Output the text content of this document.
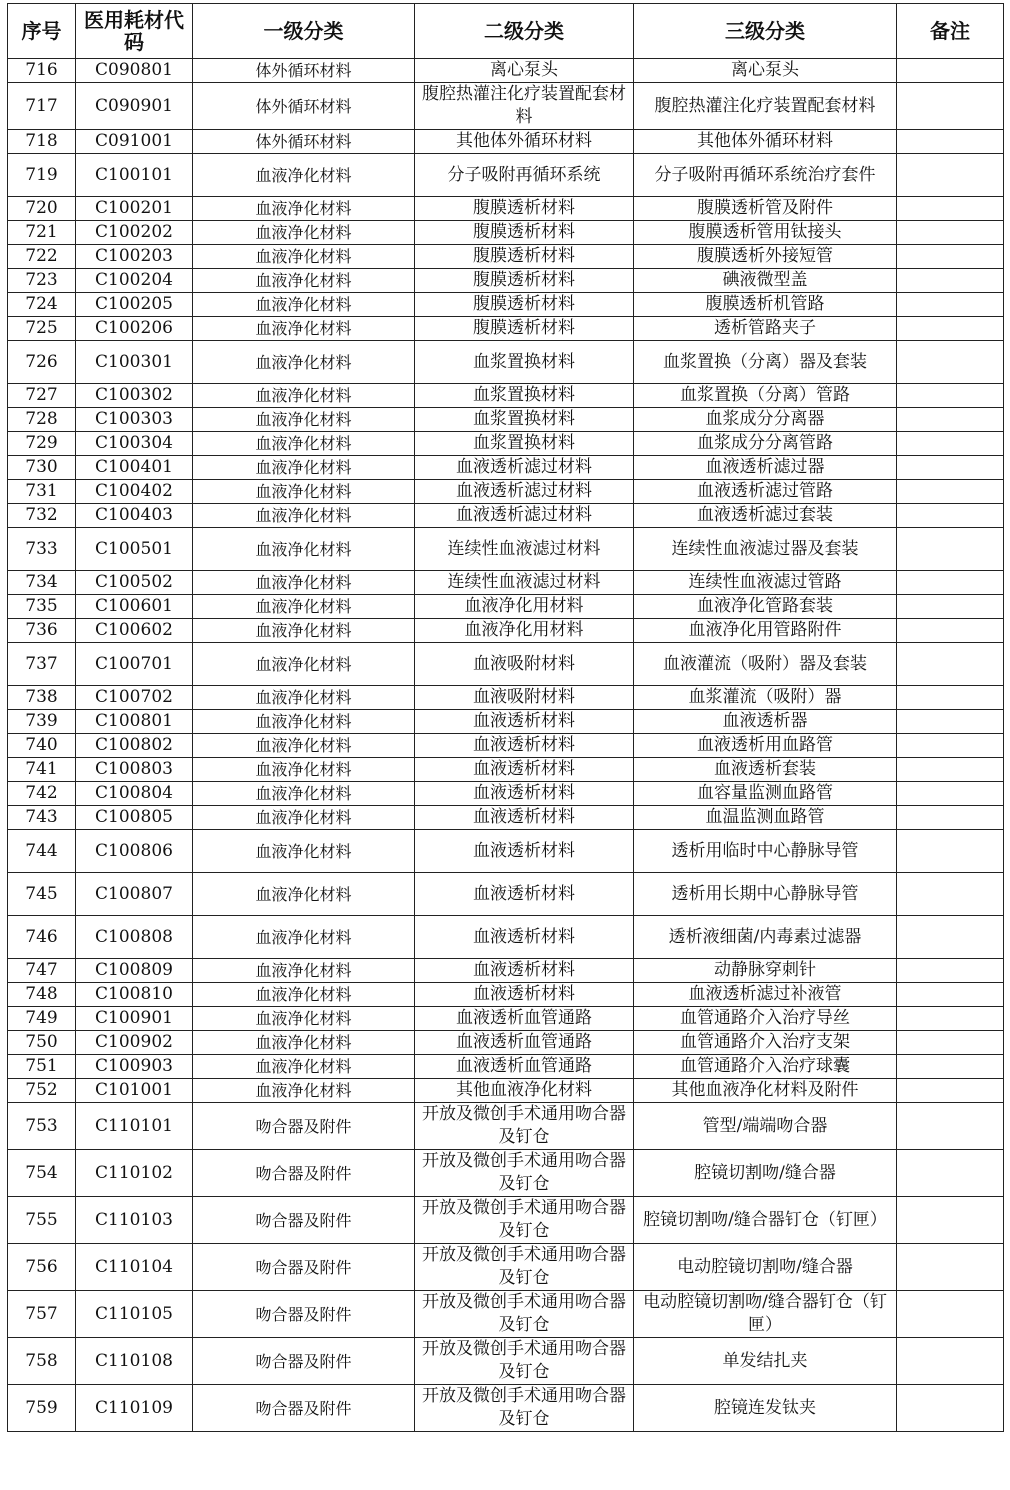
序号	医用耗材代码	一级分类	二级分类	三级分类	备注
716	C090801	体外循环材料	离心泵头	离心泵头	
717	C090901	体外循环材料	腹腔热灌注化疗装置配套材料	腹腔热灌注化疗装置配套材料	
718	C091001	体外循环材料	其他体外循环材料	其他体外循环材料	
719	C100101	血液净化材料	分子吸附再循环系统	分子吸附再循环系统治疗套件	
720	C100201	血液净化材料	腹膜透析材料	腹膜透析管及附件	
721	C100202	血液净化材料	腹膜透析材料	腹膜透析管用钛接头	
722	C100203	血液净化材料	腹膜透析材料	腹膜透析外接短管	
723	C100204	血液净化材料	腹膜透析材料	碘液微型盖	
724	C100205	血液净化材料	腹膜透析材料	腹膜透析机管路	
725	C100206	血液净化材料	腹膜透析材料	透析管路夹子	
726	C100301	血液净化材料	血浆置换材料	血浆置换（分离）器及套装	
727	C100302	血液净化材料	血浆置换材料	血浆置换（分离）管路	
728	C100303	血液净化材料	血浆置换材料	血浆成分分离器	
729	C100304	血液净化材料	血浆置换材料	血浆成分分离管路	
730	C100401	血液净化材料	血液透析滤过材料	血液透析滤过器	
731	C100402	血液净化材料	血液透析滤过材料	血液透析滤过管路	
732	C100403	血液净化材料	血液透析滤过材料	血液透析滤过套装	
733	C100501	血液净化材料	连续性血液滤过材料	连续性血液滤过器及套装	
734	C100502	血液净化材料	连续性血液滤过材料	连续性血液滤过管路	
735	C100601	血液净化材料	血液净化用材料	血液净化管路套装	
736	C100602	血液净化材料	血液净化用材料	血液净化用管路附件	
737	C100701	血液净化材料	血液吸附材料	血液灌流（吸附）器及套装	
738	C100702	血液净化材料	血液吸附材料	血浆灌流（吸附）器	
739	C100801	血液净化材料	血液透析材料	血液透析器	
740	C100802	血液净化材料	血液透析材料	血液透析用血路管	
741	C100803	血液净化材料	血液透析材料	血液透析套装	
742	C100804	血液净化材料	血液透析材料	血容量监测血路管	
743	C100805	血液净化材料	血液透析材料	血温监测血路管	
744	C100806	血液净化材料	血液透析材料	透析用临时中心静脉导管	
745	C100807	血液净化材料	血液透析材料	透析用长期中心静脉导管	
746	C100808	血液净化材料	血液透析材料	透析液细菌/内毒素过滤器	
747	C100809	血液净化材料	血液透析材料	动静脉穿刺针	
748	C100810	血液净化材料	血液透析材料	血液透析滤过补液管	
749	C100901	血液净化材料	血液透析血管通路	血管通路介入治疗导丝	
750	C100902	血液净化材料	血液透析血管通路	血管通路介入治疗支架	
751	C100903	血液净化材料	血液透析血管通路	血管通路介入治疗球囊	
752	C101001	血液净化材料	其他血液净化材料	其他血液净化材料及附件	
753	C110101	吻合器及附件	开放及微创手术通用吻合器及钉仓	管型/端端吻合器	
754	C110102	吻合器及附件	开放及微创手术通用吻合器及钉仓	腔镜切割吻/缝合器	
755	C110103	吻合器及附件	开放及微创手术通用吻合器及钉仓	腔镜切割吻/缝合器钉仓（钉匣）	
756	C110104	吻合器及附件	开放及微创手术通用吻合器及钉仓	电动腔镜切割吻/缝合器	
757	C110105	吻合器及附件	开放及微创手术通用吻合器及钉仓	电动腔镜切割吻/缝合器钉仓（钉匣）	
758	C110108	吻合器及附件	开放及微创手术通用吻合器及钉仓	单发结扎夹	
759	C110109	吻合器及附件	开放及微创手术通用吻合器及钉仓	腔镜连发钛夹	
